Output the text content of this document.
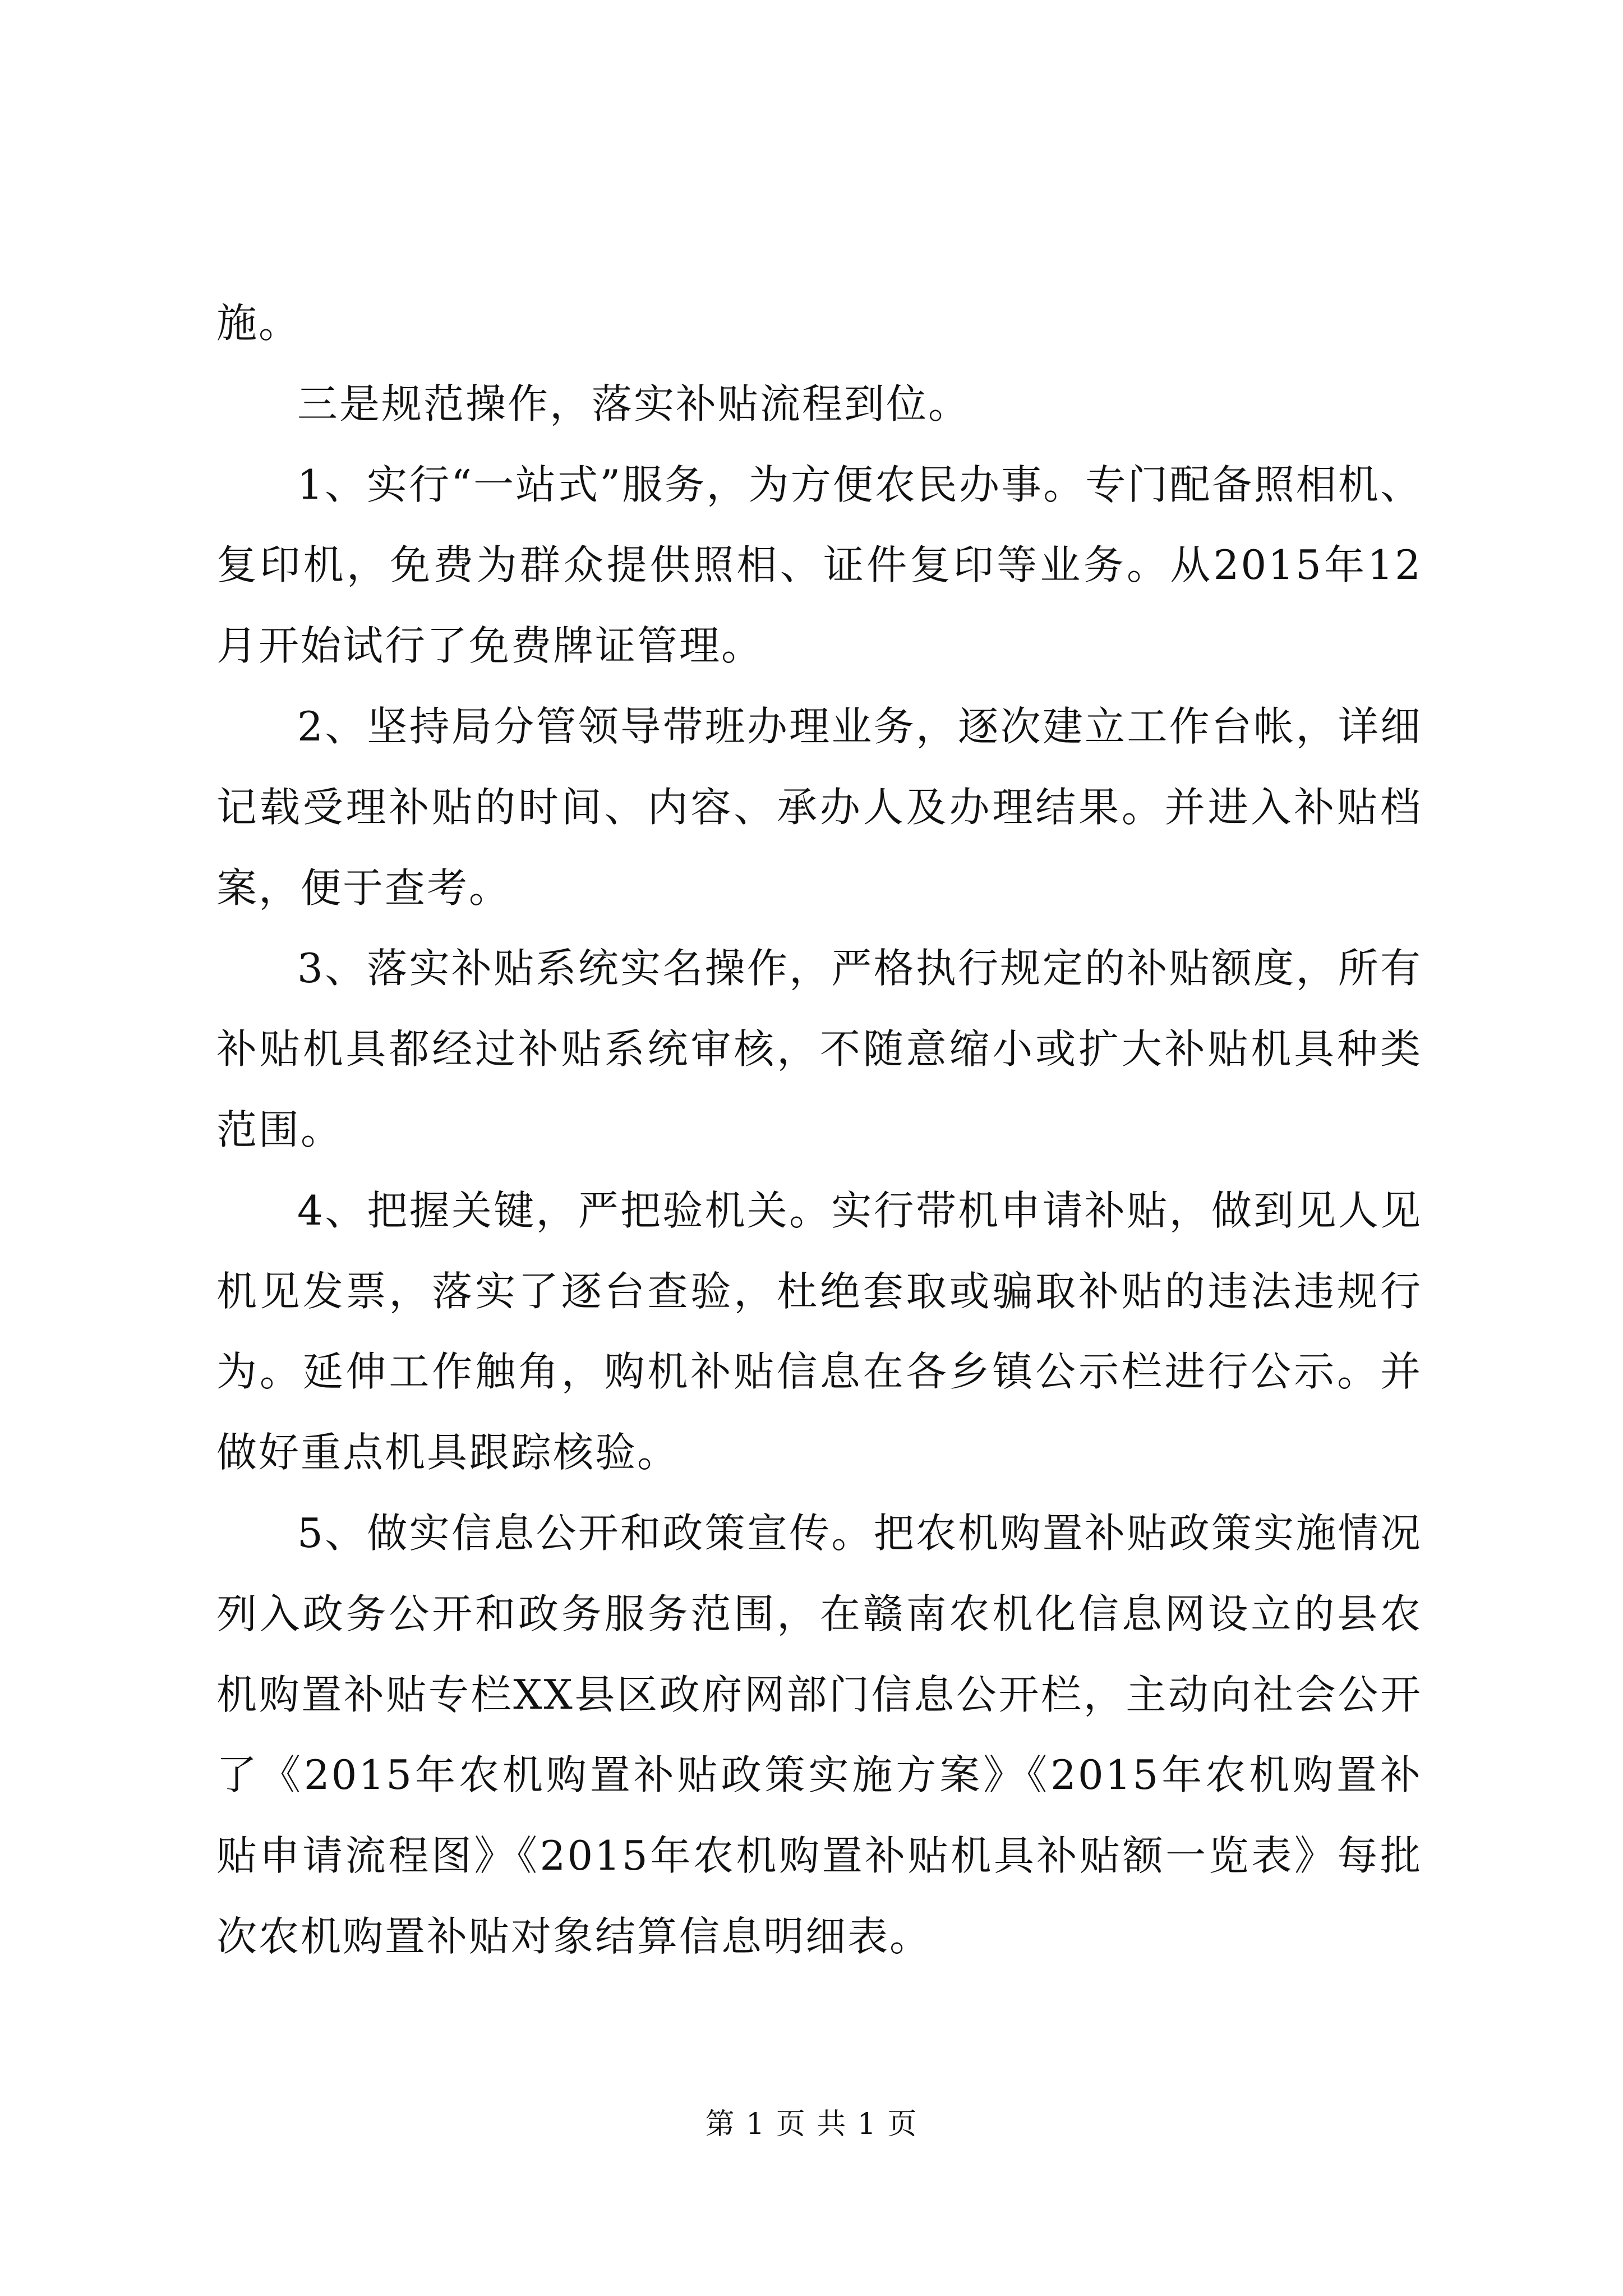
施。

三是规范操作，落实补贴流程到位。

1、实行“一站式”服务，为方便农民办事。专门配备照相机、复印机，免费为群众提供照相、证件复印等业务。从2015年12月开始试行了免费牌证管理。

2、坚持局分管领导带班办理业务，逐次建立工作台帐，详细记载受理补贴的时间、内容、承办人及办理结果。并进入补贴档案，便于查考。

3、落实补贴系统实名操作，严格执行规定的补贴额度，所有补贴机具都经过补贴系统审核，不随意缩小或扩大补贴机具种类范围。

4、把握关键，严把验机关。实行带机申请补贴，做到见人见机见发票，落实了逐台查验，杜绝套取或骗取补贴的违法违规行为。延伸工作触角，购机补贴信息在各乡镇公示栏进行公示。并做好重点机具跟踪核验。

5、做实信息公开和政策宣传。把农机购置补贴政策实施情况列入政务公开和政务服务范围，在赣南农机化信息网设立的县农机购置补贴专栏XX县区政府网部门信息公开栏，主动向社会公开了《2015年农机购置补贴政策实施方案》《2015年农机购置补贴申请流程图》《2015年农机购置补贴机具补贴额一览表》每批次农机购置补贴对象结算信息明细表。

第 1 页 共 1 页
